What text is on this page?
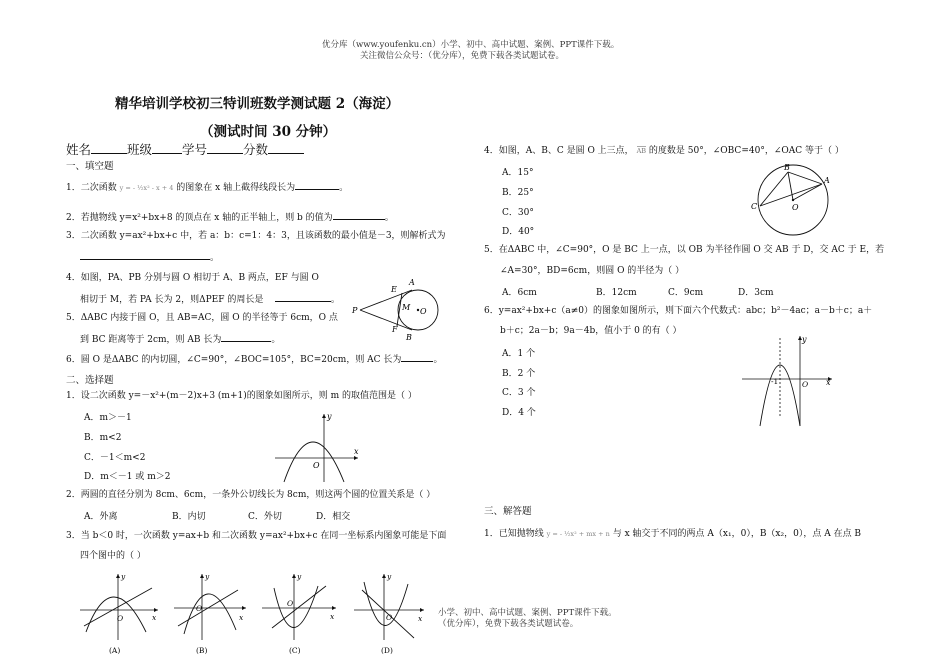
优分库（www.youfenku.cn）小学、初中、高中试题、案例、PPT课件下载。
关注微信公众号：（优分库），免费下载各类试题试卷。
精华培训学校初三特训班数学测试题 2（海淀）
（测试时间 30 分钟）
姓名	班级 学号	分数
一、填空题
1．二次函数 y = - ½x² - x + 4 的图象在 x 轴上截得线段长为	。
2．若抛物线 y=x²+bx+8 的顶点在 x 轴的正半轴上，则 b 的值为	。
3．二次函数 y=ax²+bx+c 中，若 a：b：c=1：4：3，且该函数的最小值是－3，则解析式为
。
4．如图，PA、PB 分别与圆 O 相切于 A、B 两点，EF 与圆 O
相切于 M，若 PA 长为 2，则ΔPEF 的周长是	。
5．ΔABC 内接于圆 O，且 AB=AC，圆 O 的半径等于 6cm，O 点
到 BC 距离等于 2cm，则 AB 长为	。
6．圆 O 是ΔABC 的内切圆，∠C=90°，∠BOC=105°，BC=20cm，则 AC 长为	。
P
E
A
M O
F
B
二、选择题
1．设二次函数 y=－x²+(m－2)x+3 (m+1)的图象如图所示，则 m 的取值范围是（ ）
A．m＞－1
B．m<2
C．－1＜m<2
D．m＜－1 或 m＞2
x
y
O
2．两圆的直径分别为 8cm、6cm，一条外公切线长为 8cm，则这两个圆的位置关系是（ ）
A．外离	B．内切	C．外切	D．相交
3．当 b＜0 时，一次函数 y=ax+b 和二次函数 y=ax²+bx+c 在同一坐标系内图象可能是下面
四个图中的（ ）
x
y
O
(A)
x
y
O
(B)
x
y
O
(C)
x
y
O
(D)
4．如图，A、B、C 是圆 O 上三点， AB 的度数是 50°，∠OBC=40°，∠OAC 等于（ ）
A．15°
B．25°
C．30°
D．40°
B
A
C	O
5．在ΔABC 中，∠C=90°，O 是 BC 上一点，以 OB 为半径作圆 O 交 AB 于 D，交 AC 于 E，若
∠A=30°，BD=6cm，则圆 O 的半径为（ ）
A．6cm	B．12cm	C．9cm	D．3cm
6．y=ax²+bx+c（a≠0）的图象如图所示，则下面六个代数式：abc；b²－4ac；a－b＋c；a＋
b＋c；2a－b；9a－4b，值小于 0 的有（ ）
A．1 个
B．2 个
C．3 个
D．4 个
y
x
-1	O
三、解答题
1．已知抛物线 y = - ½x² + mx + n 与 x 轴交于不同的两点 A（x₁，0），B（x₂，0），点 A 在点 B
小学、初中、高中试题、案例、PPT课件下载。
（优分库），免费下载各类试题试卷。
